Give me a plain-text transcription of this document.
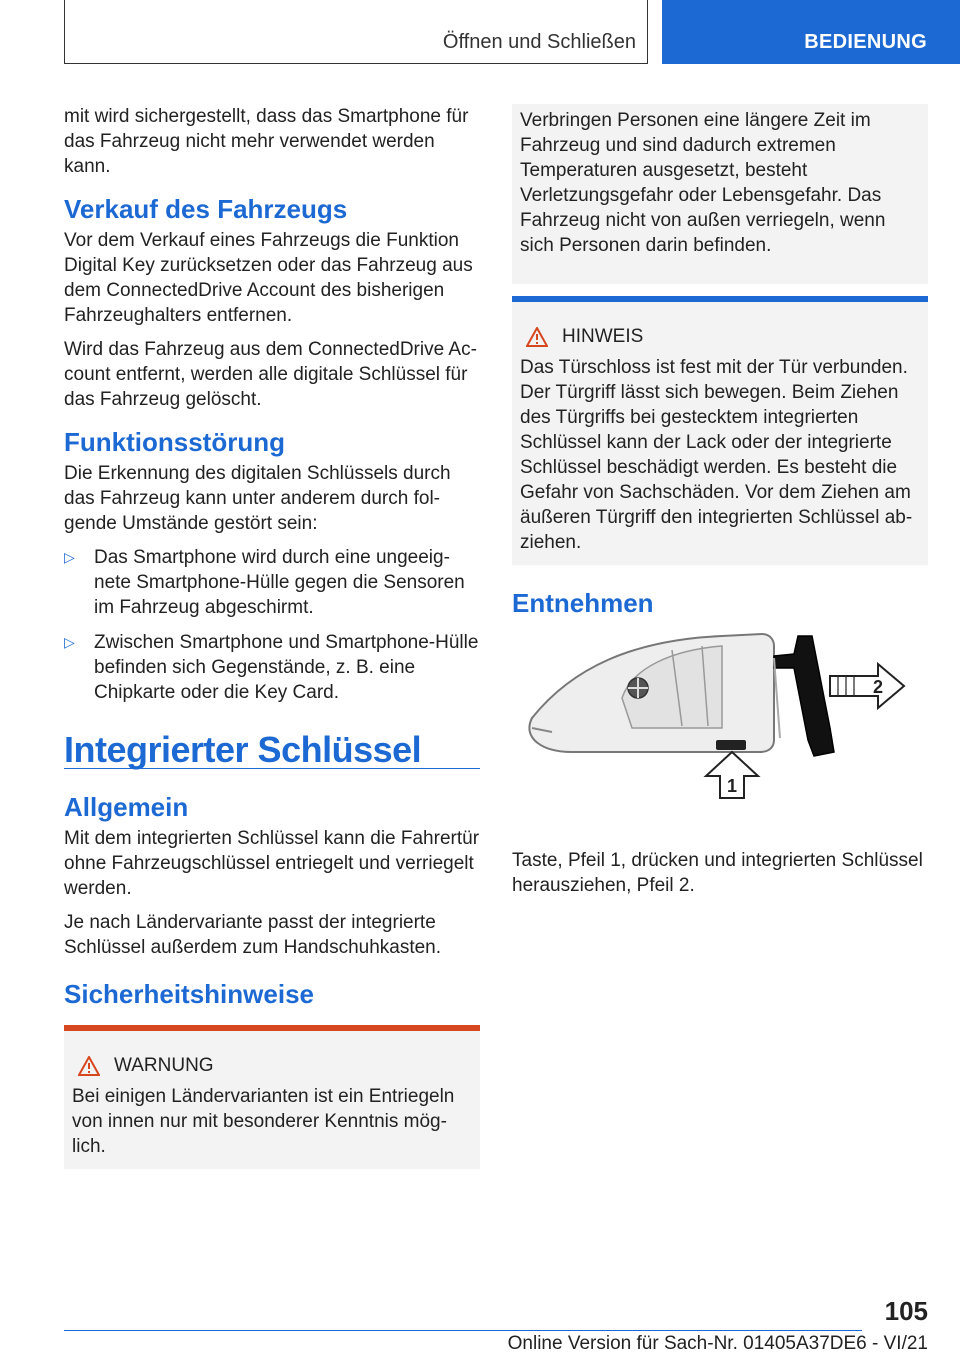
Öffnen und Schließen	BEDIENUNG

mit wird sichergestellt, dass das Smartphone für das Fahrzeug nicht mehr verwendet werden kann.

Verkauf des Fahrzeugs

Vor dem Verkauf eines Fahrzeugs die Funktion Digital Key zurücksetzen oder das Fahrzeug aus dem ConnectedDrive Account des bisherigen Fahrzeughalters entfernen.

Wird das Fahrzeug aus dem ConnectedDrive Account entfernt, werden alle digitale Schlüssel für das Fahrzeug gelöscht.

Funktionsstörung

Die Erkennung des digitalen Schlüssels durch das Fahrzeug kann unter anderem durch folgende Umstände gestört sein:

▷ Das Smartphone wird durch eine ungeeignete Smartphone-Hülle gegen die Sensoren im Fahrzeug abgeschirmt.
▷ Zwischen Smartphone und Smartphone-Hülle befinden sich Gegenstände, z. B. eine Chipkarte oder die Key Card.
Integrierter Schlüssel
Allgemein

Mit dem integrierten Schlüssel kann die Fahrertür ohne Fahrzeugschlüssel entriegelt und verriegelt werden.

Je nach Ländervariante passt der integrierte Schlüssel außerdem zum Handschuhkasten.

Sicherheitshinweise
WARNUNG
Bei einigen Ländervarianten ist ein Entriegeln von innen nur mit besonderer Kenntnis möglich.
Verbringen Personen eine längere Zeit im Fahrzeug und sind dadurch extremen Temperaturen ausgesetzt, besteht Verletzungsgefahr oder Lebensgefahr. Das Fahrzeug nicht von außen verriegeln, wenn sich Personen darin befinden.
HINWEIS
Das Türschloss ist fest mit der Tür verbunden. Der Türgriff lässt sich bewegen. Beim Ziehen des Türgriffs bei gestecktem integrierten Schlüssel kann der Lack oder der integrierte Schlüssel beschädigt werden. Es besteht die Gefahr von Sachschäden. Vor dem Ziehen am äußeren Türgriff den integrierten Schlüssel abziehen.
Entnehmen
1
2

Taste, Pfeil 1, drücken und integrierten Schlüssel herausziehen, Pfeil 2.

105
Online Version für Sach-Nr. 01405A37DE6 - VI/21
